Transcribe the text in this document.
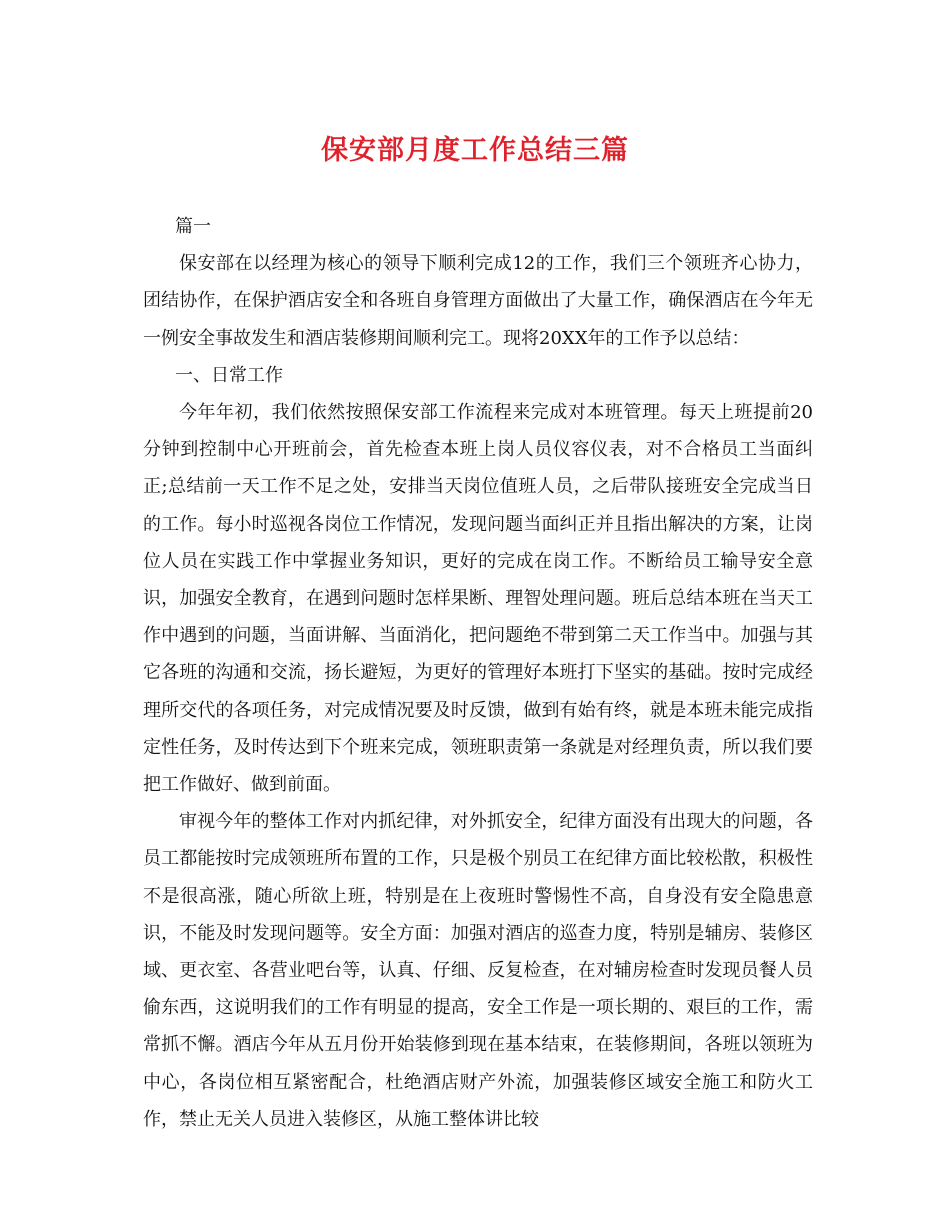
保安部月度工作总结三篇

篇一

保安部在以经理为核心的领导下顺利完成12的工作，我们三个领班齐心协力，团结协作，在保护酒店安全和各班自身管理方面做出了大量工作，确保酒店在今年无一例安全事故发生和酒店装修期间顺利完工。现将20XX年的工作予以总结：

一、日常工作

今年年初，我们依然按照保安部工作流程来完成对本班管理。每天上班提前20分钟到控制中心开班前会，首先检查本班上岗人员仪容仪表，对不合格员工当面纠正;总结前一天工作不足之处，安排当天岗位值班人员，之后带队接班安全完成当日的工作。每小时巡视各岗位工作情况，发现问题当面纠正并且指出解决的方案，让岗位人员在实践工作中掌握业务知识，更好的完成在岗工作。不断给员工输导安全意识，加强安全教育，在遇到问题时怎样果断、理智处理问题。班后总结本班在当天工作中遇到的问题，当面讲解、当面消化，把问题绝不带到第二天工作当中。加强与其它各班的沟通和交流，扬长避短，为更好的管理好本班打下坚实的基础。按时完成经理所交代的各项任务，对完成情况要及时反馈，做到有始有终，就是本班未能完成指定性任务，及时传达到下个班来完成，领班职责第一条就是对经理负责，所以我们要把工作做好、做到前面。

审视今年的整体工作对内抓纪律，对外抓安全，纪律方面没有出现大的问题，各员工都能按时完成领班所布置的工作，只是极个别员工在纪律方面比较松散，积极性不是很高涨，随心所欲上班，特别是在上夜班时警惕性不高，自身没有安全隐患意识，不能及时发现问题等。安全方面：加强对酒店的巡查力度，特别是辅房、装修区域、更衣室、各营业吧台等，认真、仔细、反复检查，在对辅房检查时发现员餐人员偷东西，这说明我们的工作有明显的提高，安全工作是一项长期的、艰巨的工作，需常抓不懈。酒店今年从五月份开始装修到现在基本结束，在装修期间，各班以领班为中心，各岗位相互紧密配合，杜绝酒店财产外流，加强装修区域安全施工和防火工作，禁止无关人员进入装修区，从施工整体讲比较
